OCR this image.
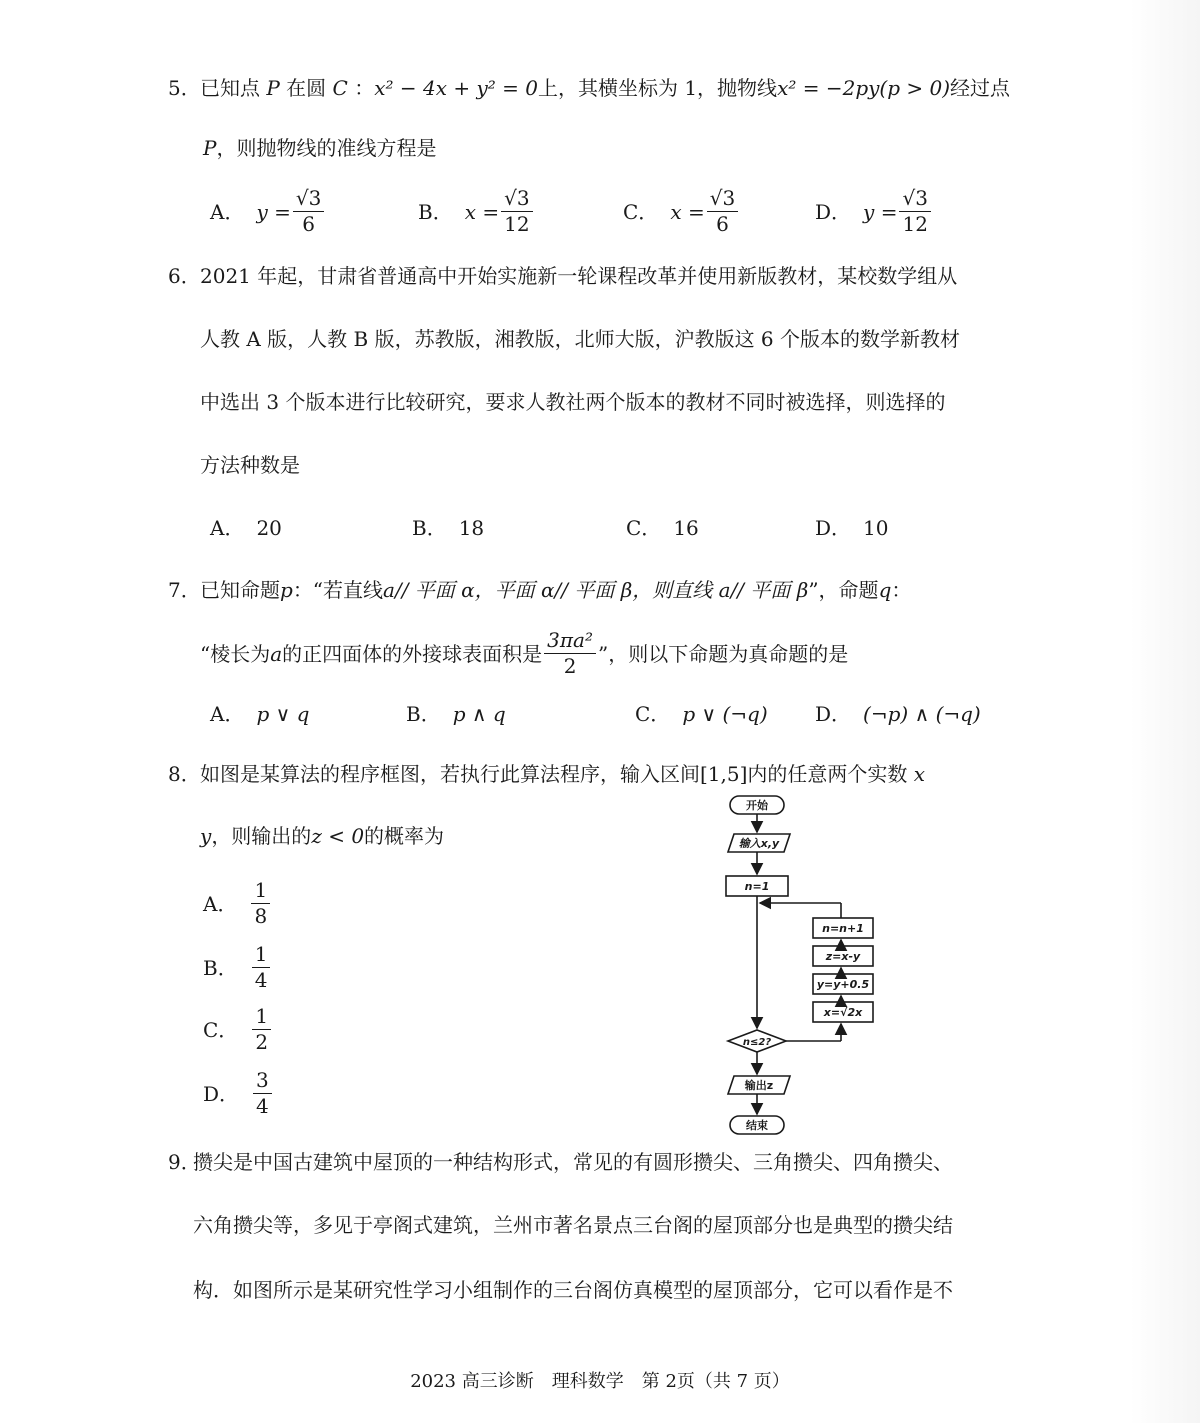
5． 已知点 P 在圆 C ：x² − 4x + y² = 0上，其横坐标为 1，抛物线x² = −2py(p > 0)经过点
P，则抛物线的准线方程是
A． $y = \frac{√3}{6}$	B． $x = \frac{√3}{12}$	C． $x = \frac{√3}{6}$	D． $y = \frac{√3}{12}$
6． 2021 年起，甘肃省普通高中开始实施新一轮课程改革并使用新版教材，某校数学组从
人教 A 版，人教 B 版，苏教版，湘教版，北师大版，沪教版这 6 个版本的数学新教材
中选出 3 个版本进行比较研究，要求人教社两个版本的教材不同时被选择，则选择的
方法种数是
A． 20	B． 18	C． 16	D． 10
7． 已知命题p：“若直线a// 平面 α，平面 α// 平面 β，则直线 a// 平面 β”，命题q：
“棱长为 a 的正四面体的外接球表面积是 $\frac{\text{3πa²}}{2}$ ”，则以下命题为真命题的是
A． p ∨ q	B． p ∧ q	C． p ∨ (¬q) D． (¬p) ∧ (¬q)
8． 如图是某算法的程序框图，若执行此算法程序，输入区间[1,5]内的任意两个实数 x
y，则输出的z < 0的概率为
A． $\frac{1}{8}$
B． $\frac{1}{4}$
C． $\frac{1}{2}$
D． $\frac{3}{4}$
开始
输入x,y
n=1
n=n+1
z=x-y
y=y+0.5
x=√2x
n≤2?
输出z
结束
9．
攒尖是中国古建筑中屋顶的一种结构形式，常见的有圆形攒尖、三角攒尖、四角攒尖、
六角攒尖等，多见于亭阁式建筑，兰州市著名景点三台阁的屋顶部分也是典型的攒尖结
构．如图所示是某研究性学习小组制作的三台阁仿真模型的屋顶部分，它可以看作是不
2023 高三诊断　理科数学　第 2页（共 7 页）
